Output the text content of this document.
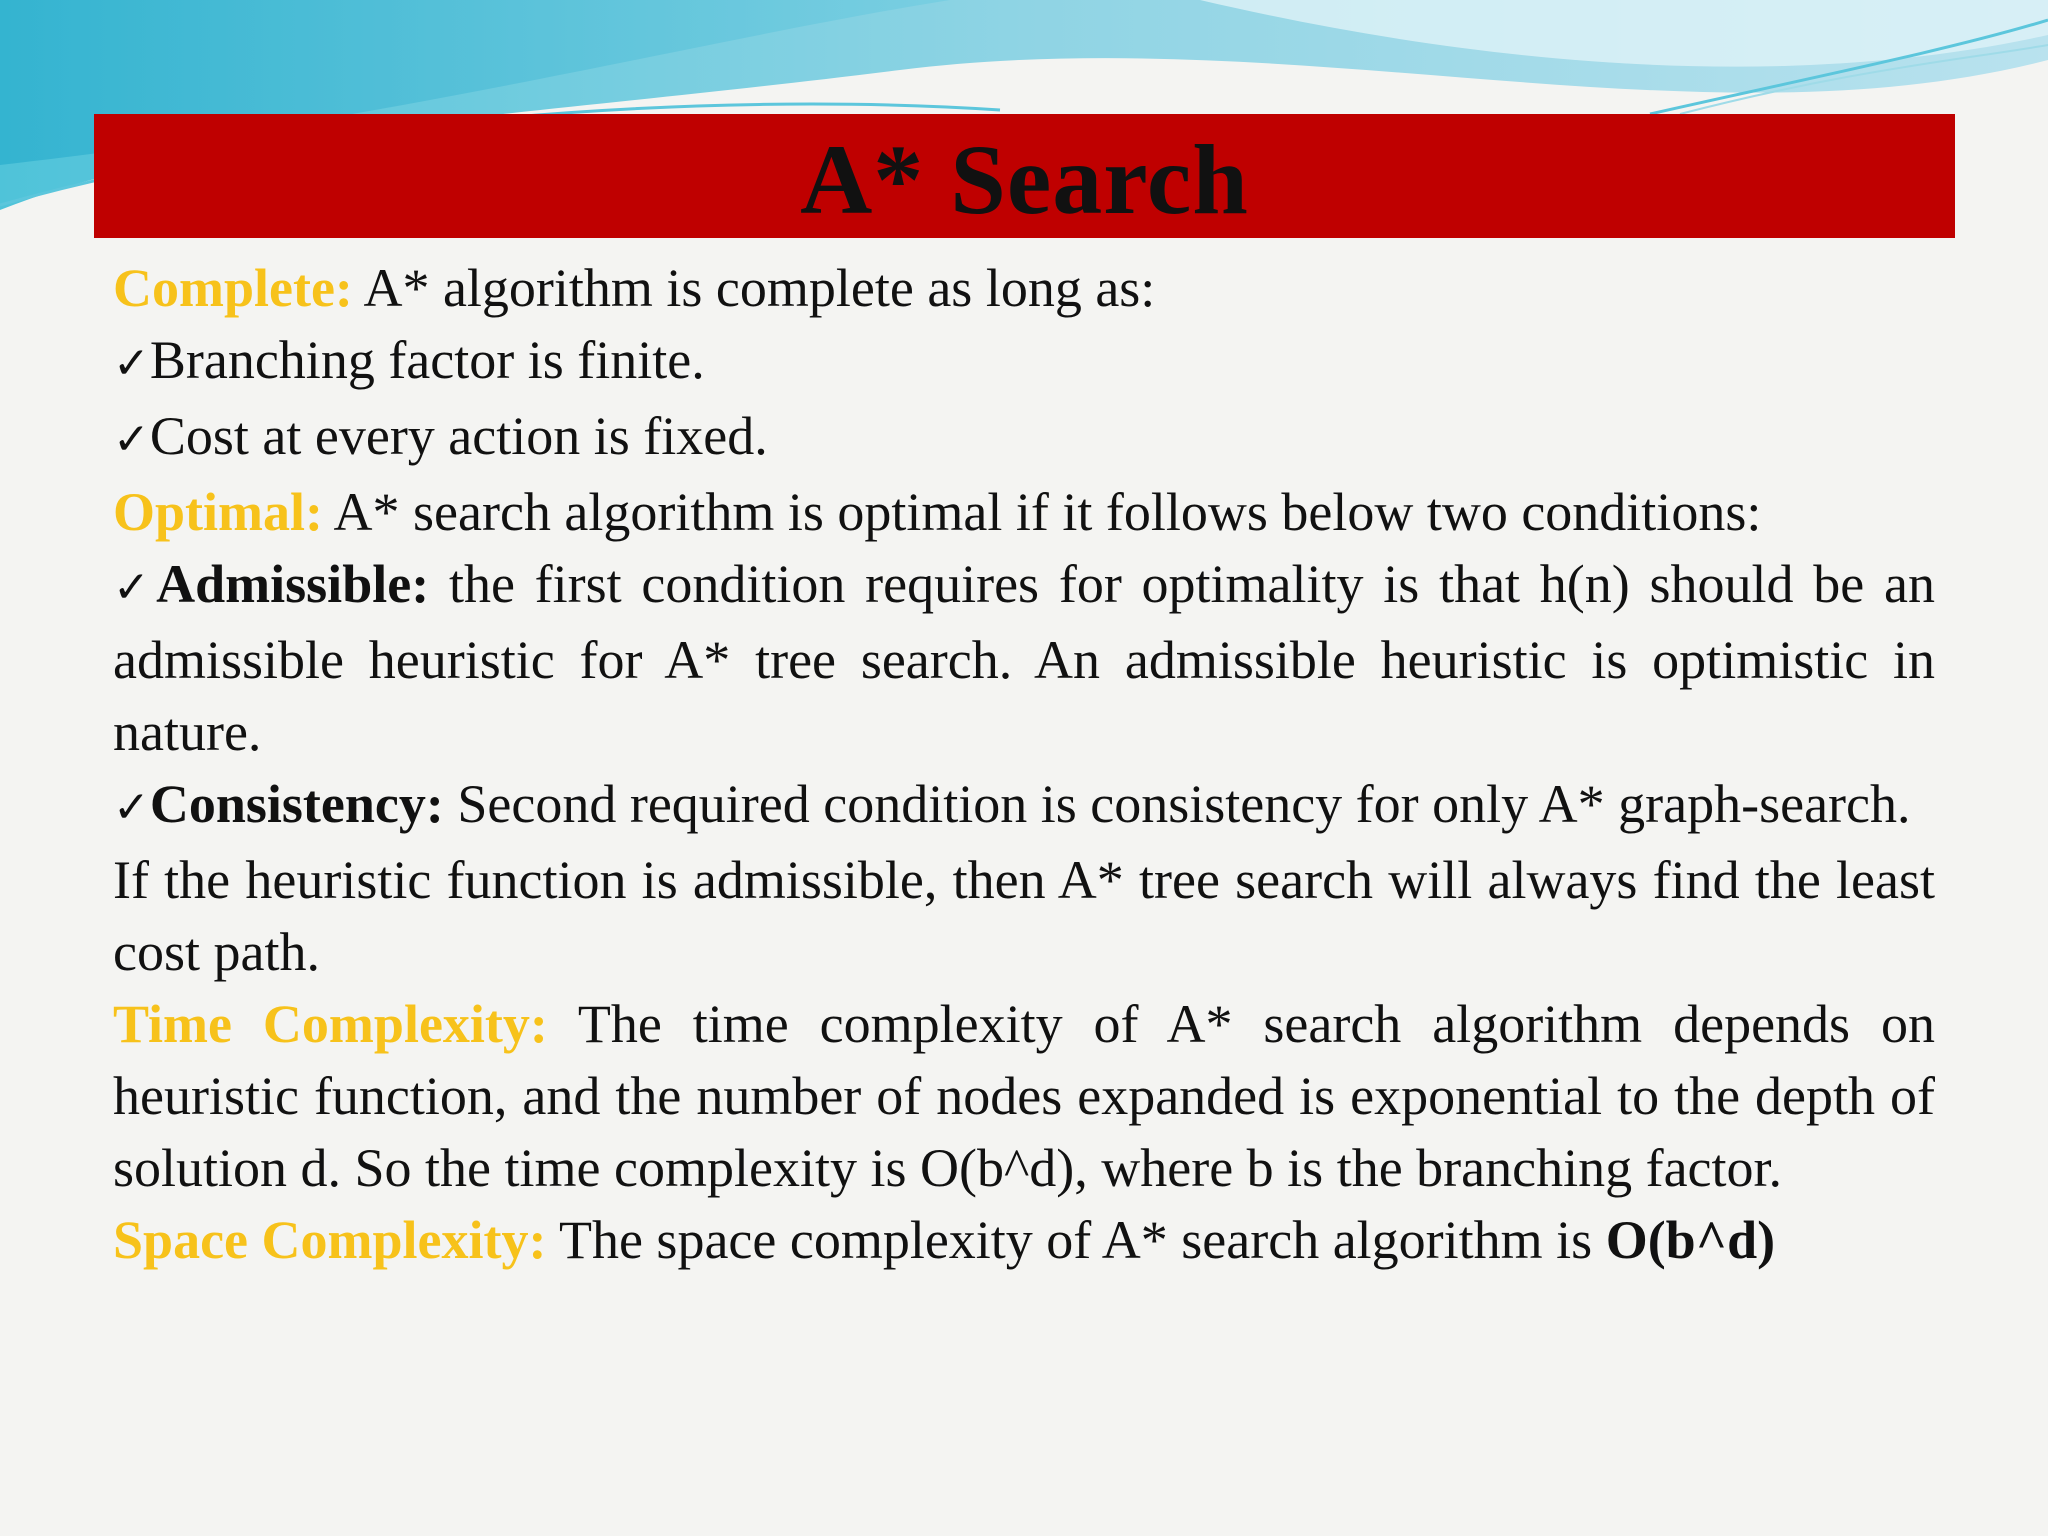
A* Search

Complete: A* algorithm is complete as long as:

✓Branching factor is finite.

✓Cost at every action is fixed.

Optimal: A* search algorithm is optimal if it follows below two conditions:

✓Admissible: the first condition requires for optimality is that h(n) should be an admissible heuristic for A* tree search. An admissible heuristic is optimistic in nature.

✓Consistency: Second required condition is consistency for only A* graph-search.

If the heuristic function is admissible, then A* tree search will always find the least cost path.

Time Complexity: The time complexity of A* search algorithm depends on heuristic function, and the number of nodes expanded is exponential to the depth of solution d. So the time complexity is O(b^d), where b is the branching factor.

Space Complexity: The space complexity of A* search algorithm is O(b^d)
